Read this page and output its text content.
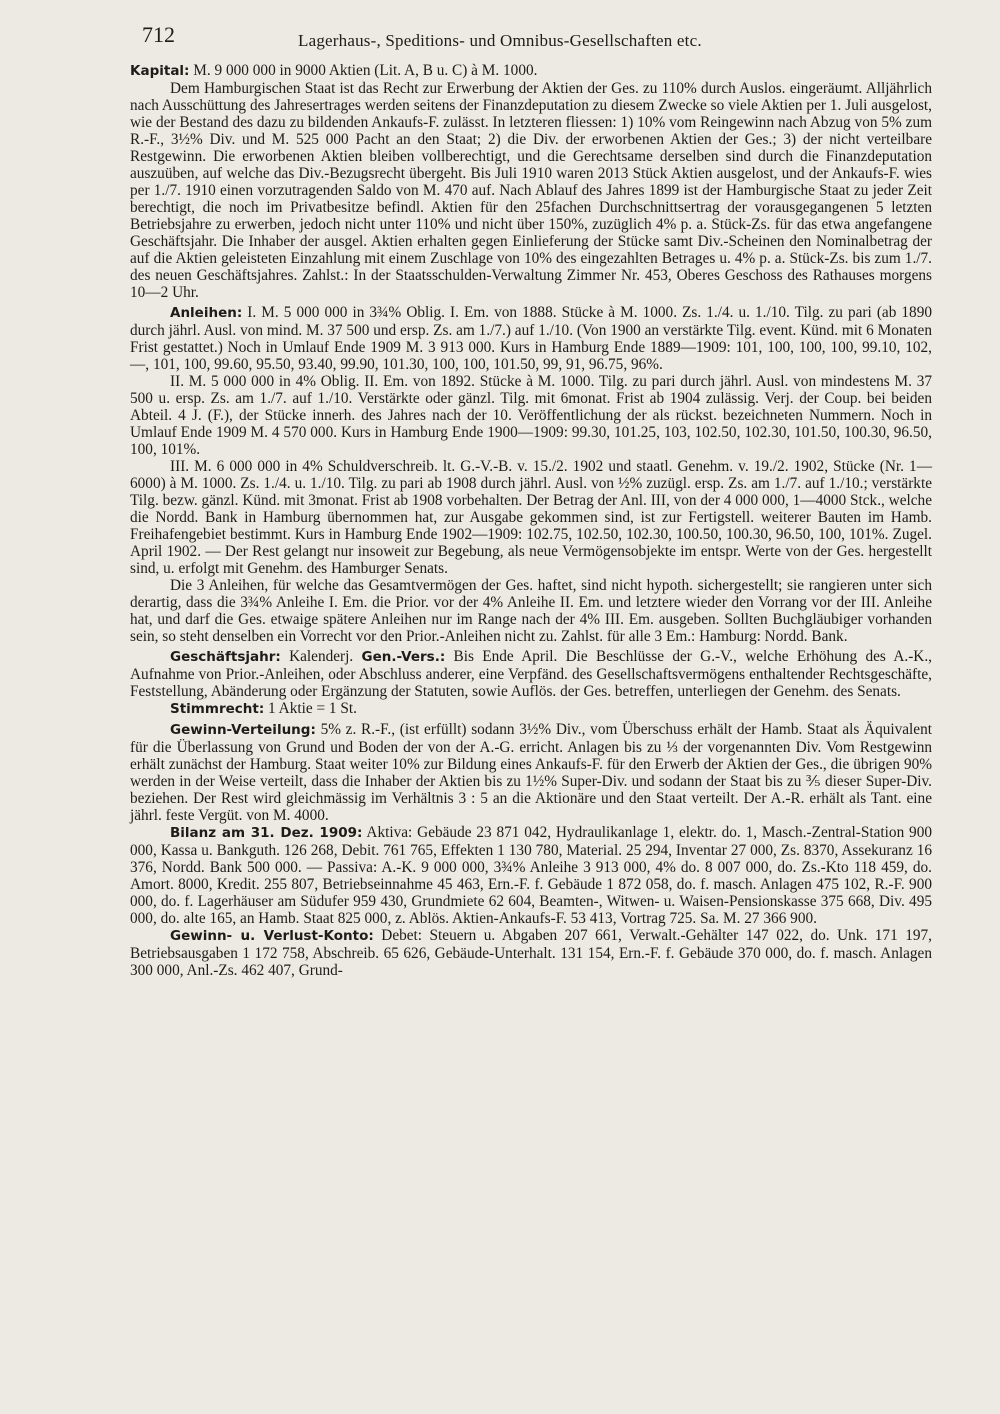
712	Lagerhaus-, Speditions- und Omnibus-Gesellschaften etc.

Kapital: M. 9 000 000 in 9000 Aktien (Lit. A, B u. C) à M. 1000.

Dem Hamburgischen Staat ist das Recht zur Erwerbung der Aktien der Ges. zu 110% durch Auslos. eingeräumt. Alljährlich nach Ausschüttung des Jahresertrages werden seitens der Finanzdeputation zu diesem Zwecke so viele Aktien per 1. Juli ausgelost, wie der Bestand des dazu zu bildenden Ankaufs-F. zulässt. In letzteren fliessen: 1) 10% vom Reingewinn nach Abzug von 5% zum R.-F., 3½% Div. und M. 525 000 Pacht an den Staat; 2) die Div. der erworbenen Aktien der Ges.; 3) der nicht verteilbare Restgewinn. Die erworbenen Aktien bleiben vollberechtigt, und die Gerechtsame derselben sind durch die Finanzdeputation auszuüben, auf welche das Div.-Bezugsrecht übergeht. Bis Juli 1910 waren 2013 Stück Aktien ausgelost, und der Ankaufs-F. wies per 1./7. 1910 einen vorzutragenden Saldo von M. 470 auf. Nach Ablauf des Jahres 1899 ist der Hamburgische Staat zu jeder Zeit berechtigt, die noch im Privatbesitze befindl. Aktien für den 25fachen Durchschnittsertrag der vorausgegangenen 5 letzten Betriebsjahre zu erwerben, jedoch nicht unter 110% und nicht über 150%, zuzüglich 4% p. a. Stück-Zs. für das etwa angefangene Geschäftsjahr. Die Inhaber der ausgel. Aktien erhalten gegen Einlieferung der Stücke samt Div.-Scheinen den Nominalbetrag der auf die Aktien geleisteten Einzahlung mit einem Zuschlage von 10% des eingezahlten Betrages u. 4% p. a. Stück-Zs. bis zum 1./7. des neuen Geschäftsjahres. Zahlst.: In der Staatsschulden-Verwaltung Zimmer Nr. 453, Oberes Geschoss des Rathauses morgens 10—2 Uhr.

Anleihen: I. M. 5 000 000 in 3¾% Oblig. I. Em. von 1888. Stücke à M. 1000. Zs. 1./4. u. 1./10. Tilg. zu pari (ab 1890 durch jährl. Ausl. von mind. M. 37 500 und ersp. Zs. am 1./7.) auf 1./10. (Von 1900 an verstärkte Tilg. event. Künd. mit 6 Monaten Frist gestattet.) Noch in Umlauf Ende 1909 M. 3 913 000. Kurs in Hamburg Ende 1889—1909: 101, 100, 100, 100, 99.10, 102, —, 101, 100, 99.60, 95.50, 93.40, 99.90, 101.30, 100, 100, 101.50, 99, 91, 96.75, 96%.

II. M. 5 000 000 in 4% Oblig. II. Em. von 1892. Stücke à M. 1000. Tilg. zu pari durch jährl. Ausl. von mindestens M. 37 500 u. ersp. Zs. am 1./7. auf 1./10. Verstärkte oder gänzl. Tilg. mit 6monat. Frist ab 1904 zulässig. Verj. der Coup. bei beiden Abteil. 4 J. (F.), der Stücke innerh. des Jahres nach der 10. Veröffentlichung der als rückst. bezeichneten Nummern. Noch in Umlauf Ende 1909 M. 4 570 000. Kurs in Hamburg Ende 1900—1909: 99.30, 101.25, 103, 102.50, 102.30, 101.50, 100.30, 96.50, 100, 101%.

III. M. 6 000 000 in 4% Schuldverschreib. lt. G.-V.-B. v. 15./2. 1902 und staatl. Genehm. v. 19./2. 1902, Stücke (Nr. 1—6000) à M. 1000. Zs. 1./4. u. 1./10. Tilg. zu pari ab 1908 durch jährl. Ausl. von ½% zuzügl. ersp. Zs. am 1./7. auf 1./10.; verstärkte Tilg. bezw. gänzl. Künd. mit 3monat. Frist ab 1908 vorbehalten. Der Betrag der Anl. III, von der 4 000 000, 1—4000 Stck., welche die Nordd. Bank in Hamburg übernommen hat, zur Ausgabe gekommen sind, ist zur Fertigstell. weiterer Bauten im Hamb. Freihafengebiet bestimmt. Kurs in Hamburg Ende 1902—1909: 102.75, 102.50, 102.30, 100.50, 100.30, 96.50, 100, 101%. Zugel. April 1902. — Der Rest gelangt nur insoweit zur Begebung, als neue Vermögensobjekte im entspr. Werte von der Ges. hergestellt sind, u. erfolgt mit Genehm. des Hamburger Senats.

Die 3 Anleihen, für welche das Gesamtvermögen der Ges. haftet, sind nicht hypoth. sichergestellt; sie rangieren unter sich derartig, dass die 3¾% Anleihe I. Em. die Prior. vor der 4% Anleihe II. Em. und letztere wieder den Vorrang vor der III. Anleihe hat, und darf die Ges. etwaige spätere Anleihen nur im Range nach der 4% III. Em. ausgeben. Sollten Buchgläubiger vorhanden sein, so steht denselben ein Vorrecht vor den Prior.-Anleihen nicht zu. Zahlst. für alle 3 Em.: Hamburg: Nordd. Bank.

Geschäftsjahr: Kalenderj. Gen.-Vers.: Bis Ende April. Die Beschlüsse der G.-V., welche Erhöhung des A.-K., Aufnahme von Prior.-Anleihen, oder Abschluss anderer, eine Verpfänd. des Gesellschaftsvermögens enthaltender Rechtsgeschäfte, Feststellung, Abänderung oder Ergänzung der Statuten, sowie Auflös. der Ges. betreffen, unterliegen der Genehm. des Senats.

Stimmrecht: 1 Aktie = 1 St.

Gewinn-Verteilung: 5% z. R.-F., (ist erfüllt) sodann 3½% Div., vom Überschuss erhält der Hamb. Staat als Äquivalent für die Überlassung von Grund und Boden der von der A.-G. erricht. Anlagen bis zu ⅓ der vorgenannten Div. Vom Restgewinn erhält zunächst der Hamburg. Staat weiter 10% zur Bildung eines Ankaufs-F. für den Erwerb der Aktien der Ges., die übrigen 90% werden in der Weise verteilt, dass die Inhaber der Aktien bis zu 1½% Super-Div. und sodann der Staat bis zu ⅗ dieser Super-Div. beziehen. Der Rest wird gleichmässig im Verhältnis 3 : 5 an die Aktionäre und den Staat verteilt. Der A.-R. erhält als Tant. eine jährl. feste Vergüt. von M. 4000.

Bilanz am 31. Dez. 1909: Aktiva: Gebäude 23 871 042, Hydraulikanlage 1, elektr. do. 1, Masch.-Zentral-Station 900 000, Kassa u. Bankguth. 126 268, Debit. 761 765, Effekten 1 130 780, Material. 25 294, Inventar 27 000, Zs. 8370, Assekuranz 16 376, Nordd. Bank 500 000. — Passiva: A.-K. 9 000 000, 3¾% Anleihe 3 913 000, 4% do. 8 007 000, do. Zs.-Kto 118 459, do. Amort. 8000, Kredit. 255 807, Betriebseinnahme 45 463, Ern.-F. f. Gebäude 1 872 058, do. f. masch. Anlagen 475 102, R.-F. 900 000, do. f. Lagerhäuser am Südufer 959 430, Grundmiete 62 604, Beamten-, Witwen- u. Waisen-Pensionskasse 375 668, Div. 495 000, do. alte 165, an Hamb. Staat 825 000, z. Ablös. Aktien-Ankaufs-F. 53 413, Vortrag 725. Sa. M. 27 366 900.

Gewinn- u. Verlust-Konto: Debet: Steuern u. Abgaben 207 661, Verwalt.-Gehälter 147 022, do. Unk. 171 197, Betriebsausgaben 1 172 758, Abschreib. 65 626, Gebäude-Unterhalt. 131 154, Ern.-F. f. Gebäude 370 000, do. f. masch. Anlagen 300 000, Anl.-Zs. 462 407, Grund-
